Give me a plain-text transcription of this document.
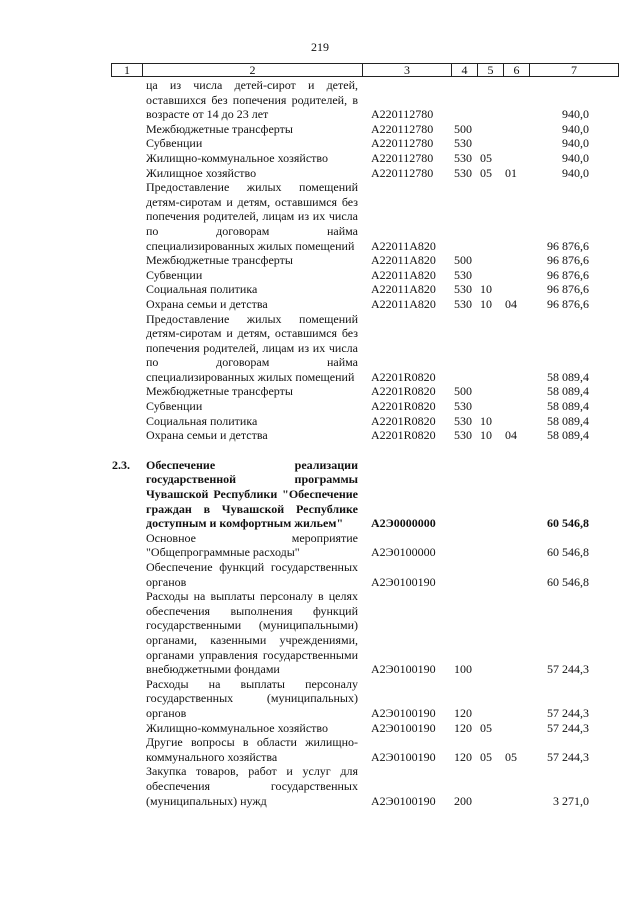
219
1	2	3	4	5	6	7
ца из числа детей-сирот и детей, оставшихся без попечения родителей, в возрасте от 14 до 23 лет	А220112780	940,0
Межбюджетные трансферты	А220112780 500	940,0
Субвенции	А220112780 530	940,0
Жилищно-коммунальное хозяйство	А220112780 530 05	940,0
Жилищное хозяйство	А220112780 530 05 01	940,0
Предоставление жилых помещений детям-сиротам и детям, оставшимся без попечения родителей, лицам из их числа по договорам найма специализированных жилых помещений	А22011А820	96 876,6
Межбюджетные трансферты	А22011А820 500	96 876,6
Субвенции	А22011А820 530	96 876,6
Социальная политика	А22011А820 530 10	96 876,6
Охрана семьи и детства	А22011А820 530 10 04	96 876,6
Предоставление жилых помещений детям-сиротам и детям, оставшимся без попечения родителей, лицам из их числа по договорам найма специализированных жилых помещений	А2201R0820	58 089,4
Межбюджетные трансферты	А2201R0820 500	58 089,4
Субвенции	А2201R0820 530	58 089,4
Социальная политика	А2201R0820 530 10	58 089,4
Охрана семьи и детства	А2201R0820 530 10 04	58 089,4
2.3.	Обеспечение реализации государственной программы Чувашской Республики "Обеспечение граждан в Чувашской Республике доступным и комфортным жильем"	А2Э0000000	60 546,8
Основное мероприятие "Общепрограммные расходы"	А2Э0100000	60 546,8
Обеспечение функций государственных органов	А2Э0100190	60 546,8
Расходы на выплаты персоналу в целях обеспечения выполнения функций государственными (муниципальными) органами, казенными учреждениями, органами управления государственными внебюджетными фондами	А2Э0100190 100	57 244,3
Расходы на выплаты персоналу государственных (муниципальных) органов	А2Э0100190 120	57 244,3
Жилищно-коммунальное хозяйство	А2Э0100190 120 05	57 244,3
Другие вопросы в области жилищно-коммунального хозяйства	А2Э0100190 120 05 05	57 244,3
Закупка товаров, работ и услуг для обеспечения государственных (муниципальных) нужд	А2Э0100190 200	3 271,0
